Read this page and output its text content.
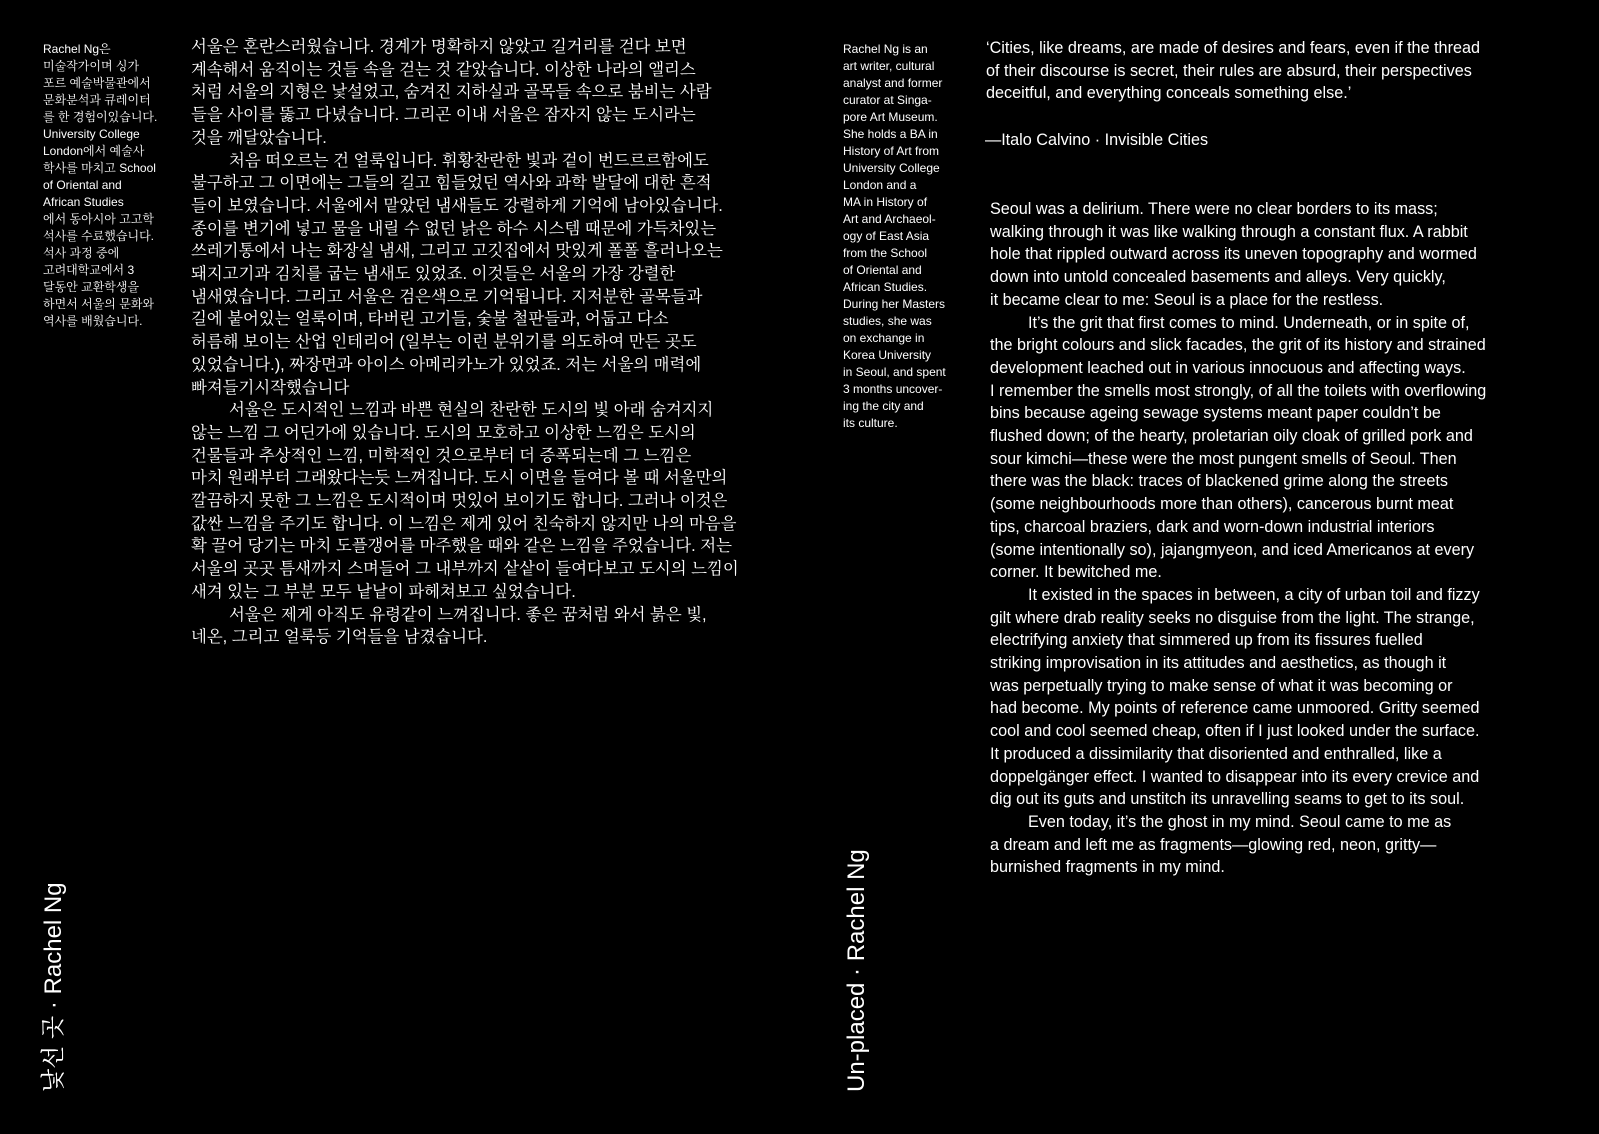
Rachel Ng은
미술작가이며 싱가
포르 예술박물관에서
문화분석과 큐레이터
를 한 경험이있습니다.
University College
London에서 예술사
학사를 마치고 School
of Oriental and
African Studies
에서 동아시아 고고학
석사를 수료했습니다.
석사 과정 중에
고려대학교에서 3
달동안 교환학생을
하면서 서울의 문화와
역사를 배웠습니다.

서울은 혼란스러웠습니다. 경계가 명확하지 않았고 길거리를 걷다 보면
계속해서 움직이는 것들 속을 걷는 것 같았습니다. 이상한 나라의 앨리스
처럼 서울의 지형은 낯설었고, 숨겨진 지하실과 골목들 속으로 붐비는 사람
들을 사이를 뚫고 다녔습니다. 그리곤 이내 서울은 잠자지 않는 도시라는
것을 깨달았습니다.

처음 떠오르는 건 얼룩입니다. 휘황찬란한 빛과 겉이 번드르르함에도
불구하고 그 이면에는 그들의 길고 힘들었던 역사와 과학 발달에 대한 흔적
들이 보였습니다. 서울에서 맡았던 냄새들도 강렬하게 기억에 남아있습니다.
종이를 변기에 넣고 물을 내릴 수 없던 낡은 하수 시스템 때문에 가득차있는
쓰레기통에서 나는 화장실 냄새, 그리고 고깃집에서 맛있게 폴폴 흘러나오는
돼지고기과 김치를 굽는 냄새도 있었죠. 이것들은 서울의 가장 강렬한
냄새였습니다. 그리고 서울은 검은색으로 기억됩니다. 지저분한 골목들과
길에 붙어있는 얼룩이며, 타버린 고기들, 숯불 철판들과, 어둡고 다소
허름해 보이는 산업 인테리어 (일부는 이런 분위기를 의도하여 만든 곳도
있었습니다.), 짜장면과 아이스 아메리카노가 있었죠. 저는 서울의 매력에
빠져들기시작했습니다

서울은 도시적인 느낌과 바쁜 현실의 찬란한 도시의 빛 아래 숨겨지지
않는 느낌 그 어딘가에 있습니다. 도시의 모호하고 이상한 느낌은 도시의
건물들과 추상적인 느낌, 미학적인 것으로부터 더 증폭되는데 그 느낌은
마치 원래부터 그래왔다는듯 느껴집니다. 도시 이면을 들여다 볼 때 서울만의
깔끔하지 못한 그 느낌은 도시적이며 멋있어 보이기도 합니다. 그러나 이것은
값싼 느낌을 주기도 합니다. 이 느낌은 제게 있어 친숙하지 않지만 나의 마음을
확 끌어 당기는 마치 도플갱어를 마주했을 때와 같은 느낌을 주었습니다. 저는
서울의 곳곳 틈새까지 스며들어 그 내부까지 샅샅이 들여다보고 도시의 느낌이
새겨 있는 그 부분 모두 낱낱이 파헤쳐보고 싶었습니다.

서울은 제게 아직도 유령같이 느껴집니다. 좋은 꿈처럼 와서 붉은 빛,
네온, 그리고 얼룩등 기억들을 남겼습니다.

낯선 곳 · Rachel Ng
Rachel Ng is an
art writer, cultural
analyst and former
curator at Singa-
pore Art Museum.
She holds a BA in
History of Art from
University College
London and a
MA in History of
Art and Archaeol-
ogy of East Asia
from the School
of Oriental and
African Studies.
During her Masters
studies, she was
on exchange in
Korea University
in Seoul, and spent
3 months uncover-
ing the city and
its culture.
‘Cities, like dreams, are made of desires and fears, even if the thread
of their discourse is secret, their rules are absurd, their perspectives
deceitful, and everything conceals something else.’
—Italo Calvino · Invisible Cities

Seoul was a delirium. There were no clear borders to its mass;
walking through it was like walking through a constant flux. A rabbit
hole that rippled outward across its uneven topography and wormed
down into untold concealed basements and alleys. Very quickly,
it became clear to me: Seoul is a place for the restless.

It’s the grit that first comes to mind. Underneath, or in spite of,
the bright colours and slick facades, the grit of its history and strained
development leached out in various innocuous and affecting ways.
I remember the smells most strongly, of all the toilets with overflowing
bins because ageing sewage systems meant paper couldn’t be
flushed down; of the hearty, proletarian oily cloak of grilled pork and
sour kimchi—these were the most pungent smells of Seoul. Then
there was the black: traces of blackened grime along the streets
(some neighbourhoods more than others), cancerous burnt meat
tips, charcoal braziers, dark and worn-down industrial interiors
(some intentionally so), jajangmyeon, and iced Americanos at every
corner. It bewitched me.

It existed in the spaces in between, a city of urban toil and fizzy
gilt where drab reality seeks no disguise from the light. The strange,
electrifying anxiety that simmered up from its fissures fuelled
striking improvisation in its attitudes and aesthetics, as though it
was perpetually trying to make sense of what it was becoming or
had become. My points of reference came unmoored. Gritty seemed
cool and cool seemed cheap, often if I just looked under the surface.
It produced a dissimilarity that disoriented and enthralled, like a
doppelgänger effect. I wanted to disappear into its every crevice and
dig out its guts and unstitch its unravelling seams to get to its soul.

Even today, it’s the ghost in my mind. Seoul came to me as
a dream and left me as fragments—glowing red, neon, gritty—
burnished fragments in my mind.

Un-placed · Rachel Ng
